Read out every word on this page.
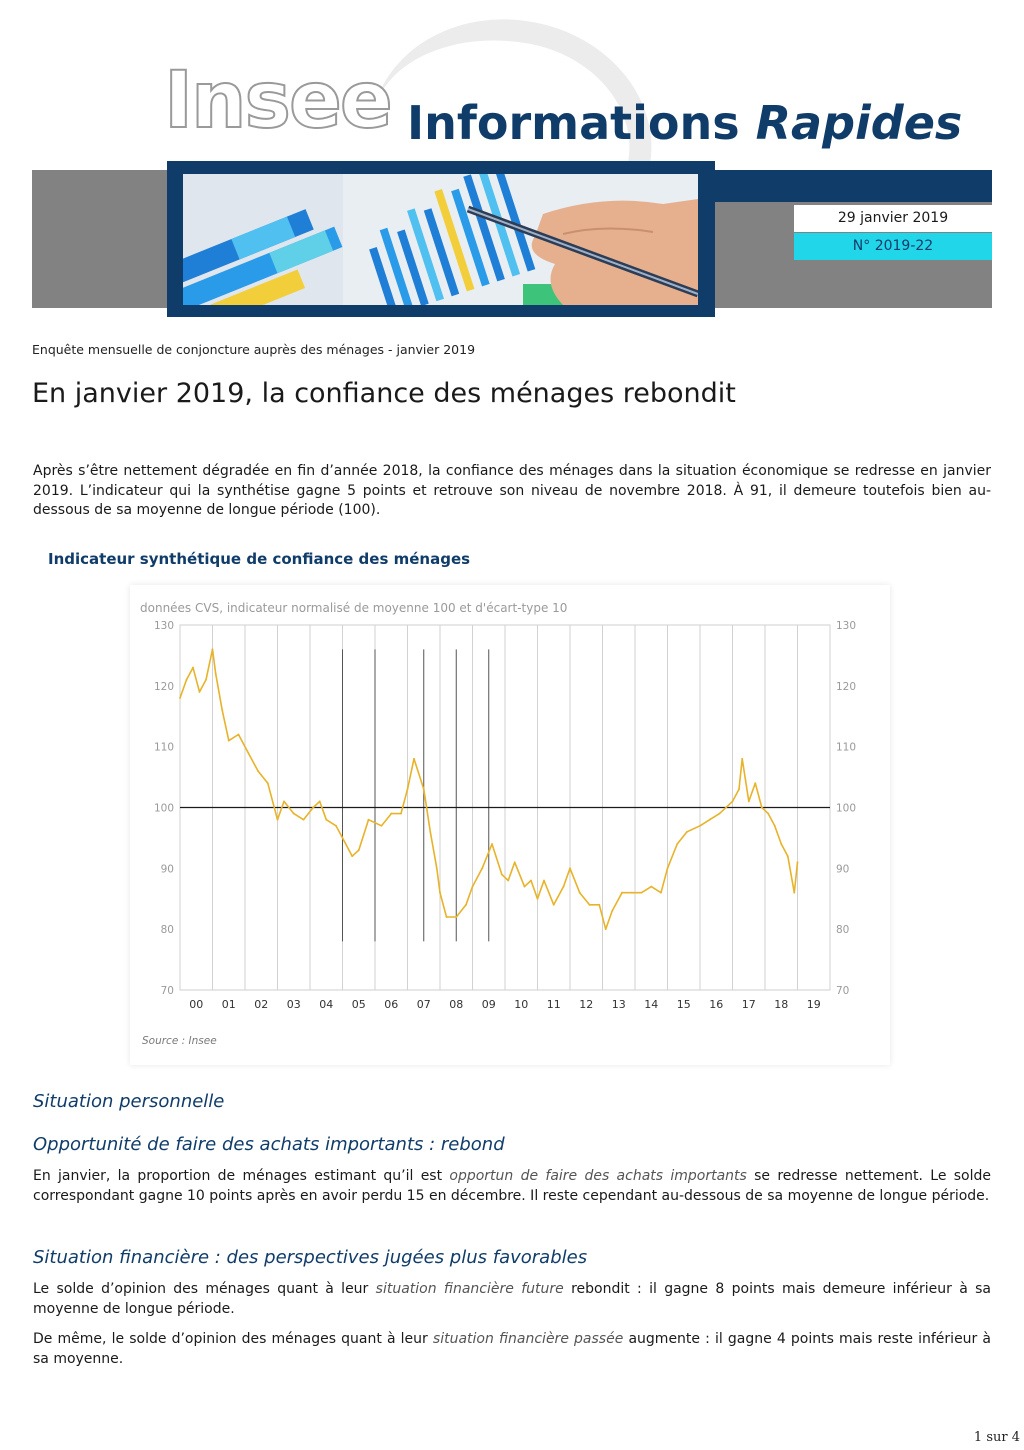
Insee Informations Rapides
29 janvier 2019
N° 2019-22
Enquête mensuelle de conjoncture auprès des ménages - janvier 2019
En janvier 2019, la confiance des ménages rebondit
Après s’être nettement dégradée en fin d’année 2018, la confiance des ménages dans la situation économique se redresse en janvier 2019. L’indicateur qui la synthétise gagne 5 points et retrouve son niveau de novembre 2018. À 91, il demeure toutefois bien au-dessous de sa moyenne de longue période (100).
Indicateur synthétique de confiance des ménages
données CVS, indicateur normalisé de moyenne 100 et d'écart-type 10
70	70
80	80
90	90
100	100
110	110
120	120
130	130
00 01 02 03 04 05 06 07 08 09 10 11 12 13 14 15 16 17 18 19
Source : Insee
Situation personnelle
Opportunité de faire des achats importants : rebond
En janvier, la proportion de ménages estimant qu’il est opportun de faire des achats importants se redresse nettement. Le solde correspondant gagne 10 points après en avoir perdu 15 en décembre. Il reste cependant au-dessous de sa moyenne de longue période.
Situation financière : des perspectives jugées plus favorables
Le solde d’opinion des ménages quant à leur situation financière future rebondit : il gagne 8 points mais demeure inférieur à sa moyenne de longue période.
De même, le solde d’opinion des ménages quant à leur situation financière passée augmente : il gagne 4 points mais reste inférieur à sa moyenne.
1 sur 4
